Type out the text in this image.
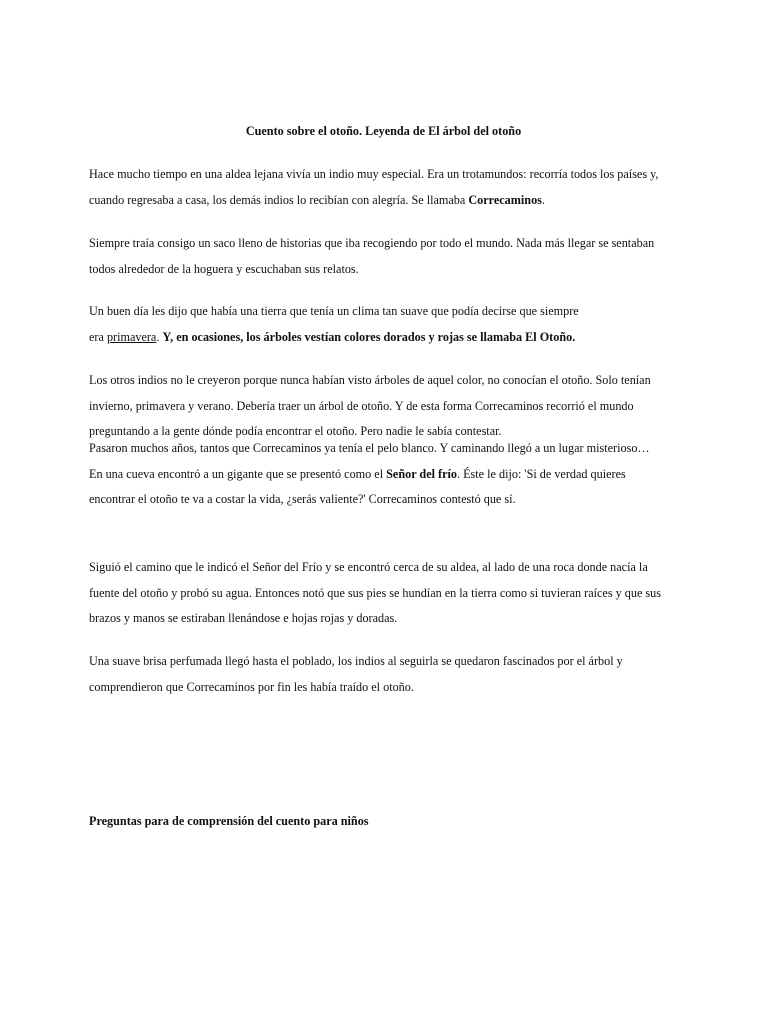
Cuento sobre el otoño. Leyenda de El árbol del otoño
Hace mucho tiempo en una aldea lejana vivía un indio muy especial. Era un trotamundos: recorría todos los países y,
cuando regresaba a casa, los demás indios lo recibían con alegría. Se llamaba Correcaminos.
Siempre traía consigo un saco lleno de historias que iba recogiendo por todo el mundo. Nada más llegar se sentaban
todos alrededor de la hoguera y escuchaban sus relatos.
Un buen día les dijo que había una tierra que tenía un clima tan suave que podía decirse que siempre
era primavera. Y, en ocasiones, los árboles vestían colores dorados y rojas se llamaba El Otoño.
Los otros indios no le creyeron porque nunca habían visto árboles de aquel color, no conocían el otoño. Solo tenían
invierno, primavera y verano. Debería traer un árbol de otoño. Y de esta forma Correcaminos recorrió el mundo
preguntando a la gente dónde podía encontrar el otoño. Pero nadie le sabía contestar.
Pasaron muchos años, tantos que Correcaminos ya tenía el pelo blanco. Y caminando llegó a un lugar misterioso…
En una cueva encontró a un gigante que se presentó como el Señor del frío. Éste le dijo: 'Si de verdad quieres
encontrar el otoño te va a costar la vida, ¿serás valiente?' Correcaminos contestó que sí.
Siguió el camino que le indicó el Señor del Frío y se encontró cerca de su aldea, al lado de una roca donde nacía la
fuente del otoño y probó su agua. Entonces notó que sus pies se hundían en la tierra como si tuvieran raíces y que sus
brazos y manos se estiraban llenándose e hojas rojas y doradas.
Una suave brisa perfumada llegó hasta el poblado, los indios al seguirla se quedaron fascinados por el árbol y
comprendieron que Correcaminos por fin les había traído el otoño.
Preguntas para de comprensión del cuento para niños
